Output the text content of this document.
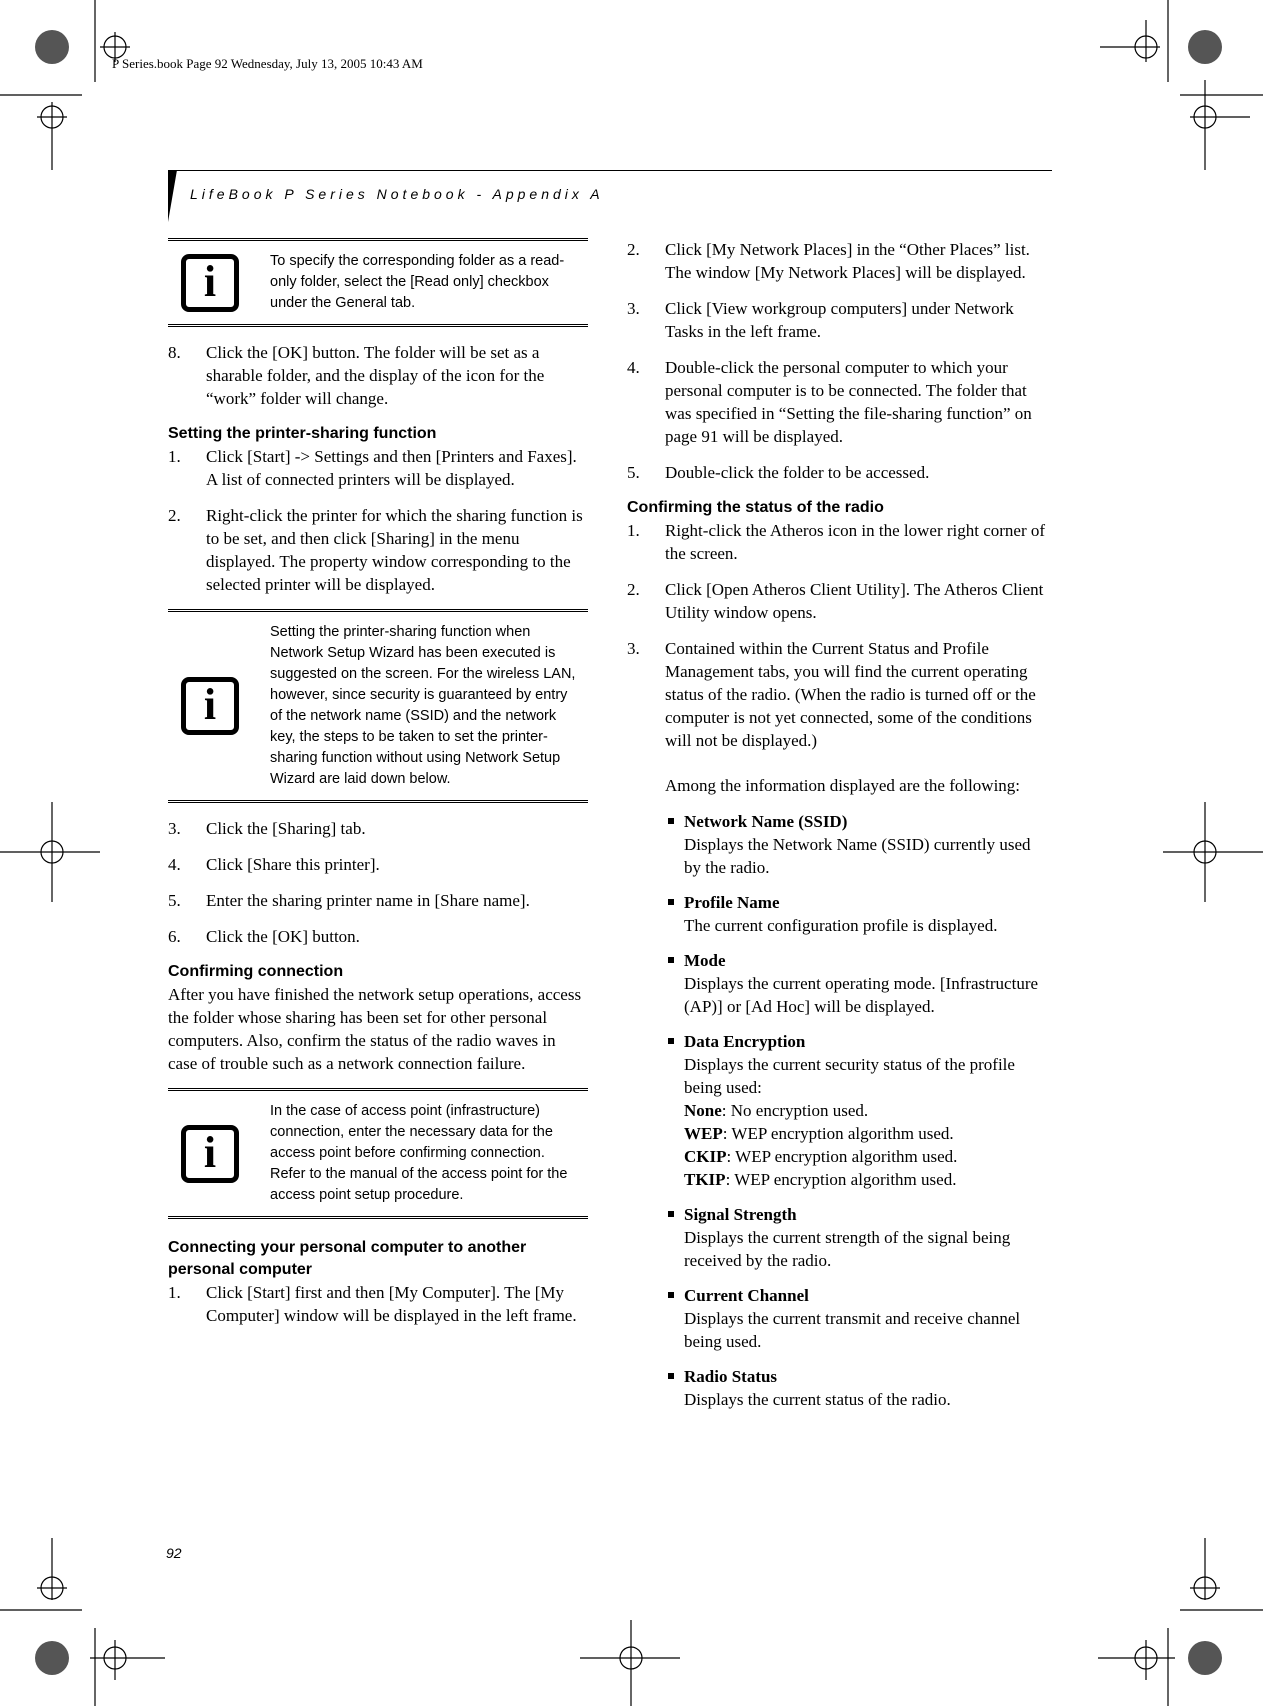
P Series.book Page 92 Wednesday, July 13, 2005 10:43 AM
LifeBook P Series Notebook - Appendix A
i	To specify the corresponding folder as a read-only folder, select the [Read only] checkbox under the General tab.
8. Click the [OK] button. The folder will be set as a sharable folder, and the display of the icon for the “work” folder will change.

Setting the printer-sharing function

1. Click [Start] -> Settings and then [Printers and Faxes]. A list of connected printers will be displayed.
2. Right-click the printer for which the sharing function is to be set, and then click [Sharing] in the menu displayed. The property window corresponding to the selected printer will be displayed.
i
Setting the printer-sharing function when Network Setup Wizard has been executed is suggested on the screen. For the wireless LAN, however, since security is guaranteed by entry of the network name (SSID) and the network key, the steps to be taken to set the printer-sharing function without using Network Setup Wizard are laid down below.
3. Click the [Sharing] tab.
4. Click [Share this printer].
5. Enter the sharing printer name in [Share name].
6. Click the [OK] button.

Confirming connection

After you have finished the network setup operations, access the folder whose sharing has been set for other personal computers. Also, confirm the status of the radio waves in case of trouble such as a network connection failure.

i
In the case of access point (infrastructure) connection, enter the necessary data for the access point before confirming connection. Refer to the manual of the access point for the access point setup procedure.

Connecting your personal computer to another personal computer

1. Click [Start] first and then [My Computer]. The [My Computer] window will be displayed in the left frame.
2. Click [My Network Places] in the “Other Places” list. The window [My Network Places] will be displayed.
3. Click [View workgroup computers] under Network Tasks in the left frame.
4. Double-click the personal computer to which your personal computer is to be connected. The folder that was specified in “Setting the file-sharing function” on page 91 will be displayed.
5. Double-click the folder to be accessed.

Confirming the status of the radio

1. Right-click the Atheros icon in the lower right corner of the screen.
2. Click [Open Atheros Client Utility]. The Atheros Client Utility window opens.
3. Contained within the Current Status and Profile Management tabs, you will find the current operating status of the radio. (When the radio is turned off or the computer is not yet connected, some of the conditions will not be displayed.)

Among the information displayed are the following:

Network Name (SSID)
Displays the Network Name (SSID) currently used by the radio.
Profile Name
The current configuration profile is displayed.
Mode
Displays the current operating mode. [Infrastructure (AP)] or [Ad Hoc] will be displayed.
Data Encryption
Displays the current security status of the profile being used:
None: No encryption used.
WEP: WEP encryption algorithm used.
CKIP: WEP encryption algorithm used.
TKIP: WEP encryption algorithm used.
Signal Strength
Displays the current strength of the signal being received by the radio.
Current Channel
Displays the current transmit and receive channel being used.
Radio Status
Displays the current status of the radio.
92
